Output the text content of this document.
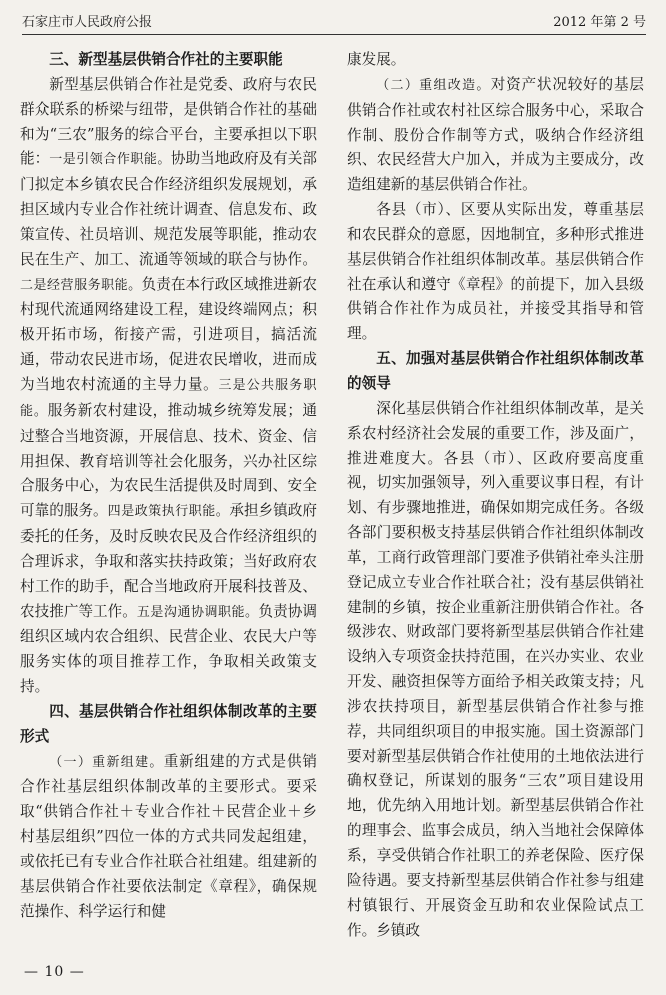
石家庄市人民政府公报	2012 年第 2 号
三、新型基层供销合作社的主要职能

新型基层供销合作社是党委、政府与农民群众联系的桥梁与纽带，是供销合作社的基础和为“三农”服务的综合平台，主要承担以下职能：一是引领合作职能。协助当地政府及有关部门拟定本乡镇农民合作经济组织发展规划，承担区域内专业合作社统计调查、信息发布、政策宣传、社员培训、规范发展等职能，推动农民在生产、加工、流通等领域的联合与协作。二是经营服务职能。负责在本行政区域推进新农村现代流通网络建设工程，建设终端网点；积极开拓市场，衔接产需，引进项目，搞活流通，带动农民进市场，促进农民增收，进而成为当地农村流通的主导力量。三是公共服务职能。服务新农村建设，推动城乡统筹发展；通过整合当地资源，开展信息、技术、资金、信用担保、教育培训等社会化服务，兴办社区综合服务中心，为农民生活提供及时周到、安全可靠的服务。四是政策执行职能。承担乡镇政府委托的任务，及时反映农民及合作经济组织的合理诉求，争取和落实扶持政策；当好政府农村工作的助手，配合当地政府开展科技普及、农技推广等工作。五是沟通协调职能。负责协调组织区域内农合组织、民营企业、农民大户等服务实体的项目推荐工作，争取相关政策支持。

四、基层供销合作社组织体制改革的主要形式

（一）重新组建。重新组建的方式是供销合作社基层组织体制改革的主要形式。要采取“供销合作社＋专业合作社＋民营企业＋乡村基层组织”四位一体的方式共同发起组建，或依托已有专业合作社联合社组建。组建新的基层供销合作社要依法制定《章程》，确保规范操作、科学运行和健

康发展。

（二）重组改造。对资产状况较好的基层供销合作社或农村社区综合服务中心，采取合作制、股份合作制等方式，吸纳合作经济组织、农民经营大户加入，并成为主要成分，改造组建新的基层供销合作社。

各县（市）、区要从实际出发，尊重基层和农民群众的意愿，因地制宜，多种形式推进基层供销合作社组织体制改革。基层供销合作社在承认和遵守《章程》的前提下，加入县级供销合作社作为成员社，并接受其指导和管理。

五、加强对基层供销合作社组织体制改革的领导

深化基层供销合作社组织体制改革，是关系农村经济社会发展的重要工作，涉及面广，推进难度大。各县（市）、区政府要高度重视，切实加强领导，列入重要议事日程，有计划、有步骤地推进，确保如期完成任务。各级各部门要积极支持基层供销合作社组织体制改革，工商行政管理部门要准予供销社牵头注册登记成立专业合作社联合社；没有基层供销社建制的乡镇，按企业重新注册供销合作社。各级涉农、财政部门要将新型基层供销合作社建设纳入专项资金扶持范围，在兴办实业、农业开发、融资担保等方面给予相关政策支持；凡涉农扶持项目，新型基层供销合作社参与推荐，共同组织项目的申报实施。国土资源部门要对新型基层供销合作社使用的土地依法进行确权登记，所谋划的服务“三农”项目建设用地，优先纳入用地计划。新型基层供销合作社的理事会、监事会成员，纳入当地社会保障体系，享受供销合作社职工的养老保险、医疗保险待遇。要支持新型基层供销合作社参与组建村镇银行、开展资金互助和农业保险试点工作。乡镇政

— 10 —
